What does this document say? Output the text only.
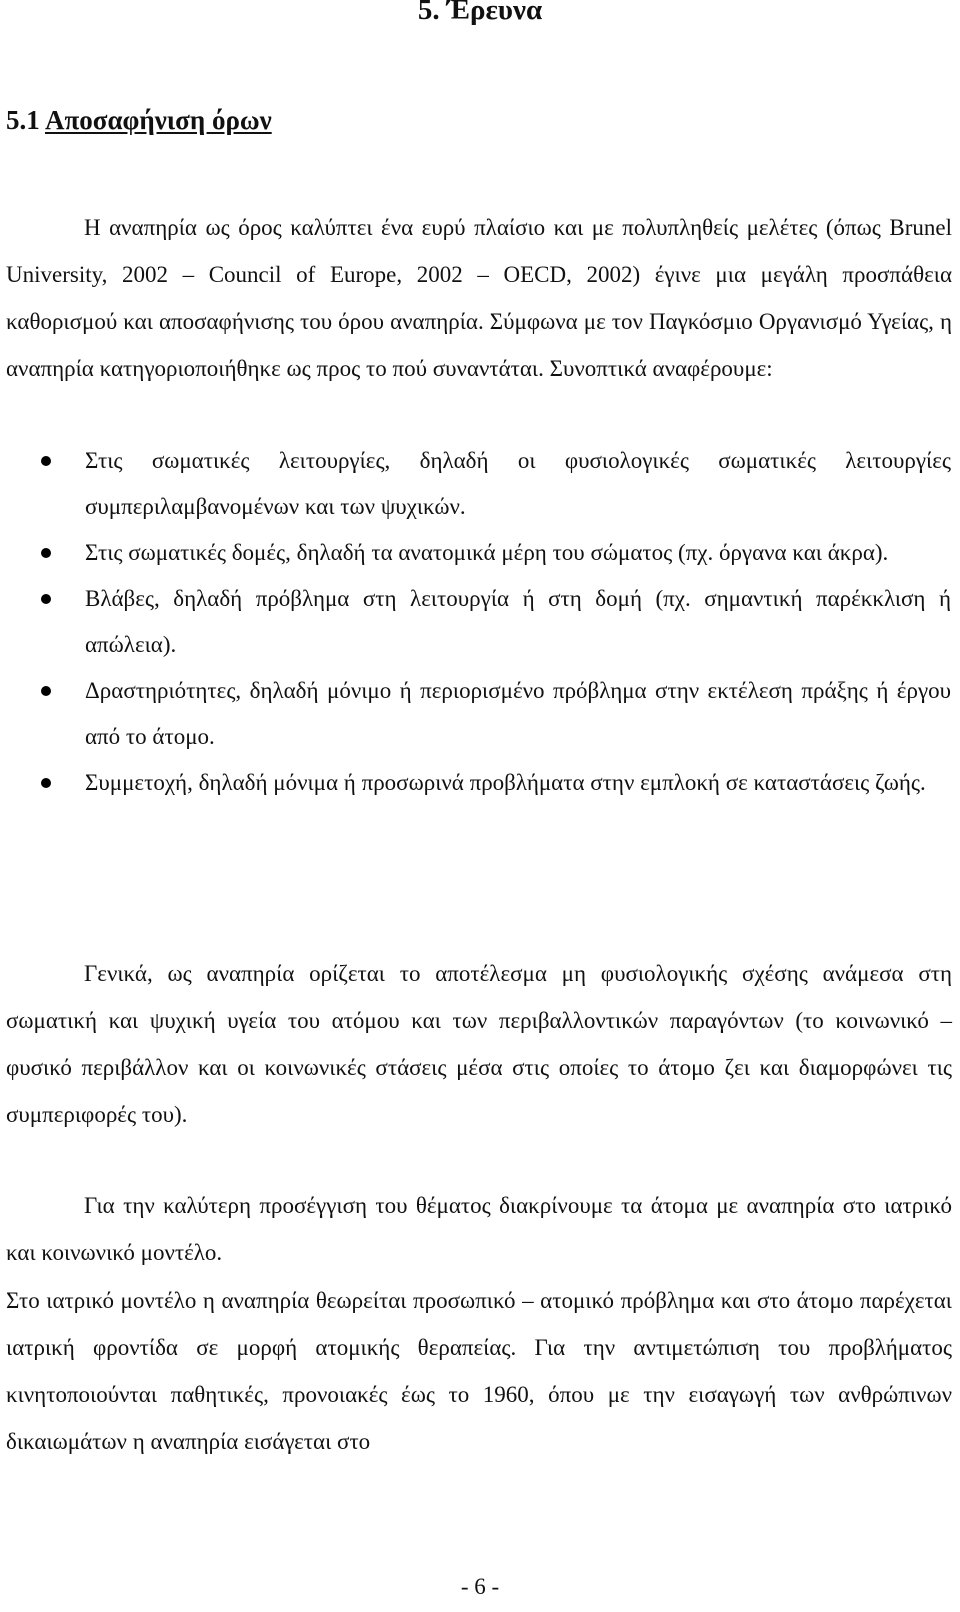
5. Έρευνα
5.1 Αποσαφήνιση όρων

Η αναπηρία ως όρος καλύπτει ένα ευρύ πλαίσιο και με πολυπληθείς μελέτες (όπως Brunel University, 2002 – Council of Europe, 2002 – OECD, 2002) έγινε μια μεγάλη προσπάθεια καθορισμού και αποσαφήνισης του όρου αναπηρία. Σύμφωνα με τον Παγκόσμιο Οργανισμό Υγείας, η αναπηρία κατηγοριοποιήθηκε ως προς το πού συναντάται. Συνοπτικά αναφέρουμε:

Στις σωματικές λειτουργίες, δηλαδή οι φυσιολογικές σωματικές λειτουργίες συμπεριλαμβανομένων και των ψυχικών.
Στις σωματικές δομές, δηλαδή τα ανατομικά μέρη του σώματος (πχ. όργανα και άκρα).
Βλάβες, δηλαδή πρόβλημα στη λειτουργία ή στη δομή (πχ. σημαντική παρέκκλιση ή απώλεια).
Δραστηριότητες, δηλαδή μόνιμο ή περιορισμένο πρόβλημα στην εκτέλεση πράξης ή έργου από το άτομο.
Συμμετοχή, δηλαδή μόνιμα ή προσωρινά προβλήματα στην εμπλοκή σε καταστάσεις ζωής.

Γενικά, ως αναπηρία ορίζεται το αποτέλεσμα μη φυσιολογικής σχέσης ανάμεσα στη σωματική και ψυχική υγεία του ατόμου και των περιβαλλοντικών παραγόντων (το κοινωνικό – φυσικό περιβάλλον και οι κοινωνικές στάσεις μέσα στις οποίες το άτομο ζει και διαμορφώνει τις συμπεριφορές του).

Για την καλύτερη προσέγγιση του θέματος διακρίνουμε τα άτομα με αναπηρία στο ιατρικό και κοινωνικό μοντέλο.

Στο ιατρικό μοντέλο η αναπηρία θεωρείται προσωπικό – ατομικό πρόβλημα και στο άτομο παρέχεται ιατρική φροντίδα σε μορφή ατομικής θεραπείας. Για την αντιμετώπιση του προβλήματος κινητοποιούνται παθητικές, προνοιακές έως το 1960, όπου με την εισαγωγή των ανθρώπινων δικαιωμάτων η αναπηρία εισάγεται στο

- 6 -
